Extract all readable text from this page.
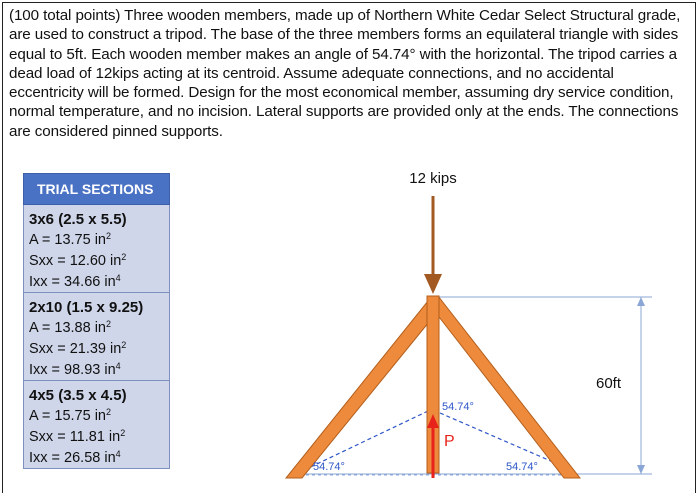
(100 total points) Three wooden members, made up of Northern White Cedar Select Structural grade, are used to construct a tripod. The base of the three members forms an equilateral triangle with sides equal to 5ft. Each wooden member makes an angle of 54.74° with the horizontal. The tripod carries a dead load of 12kips acting at its centroid. Assume adequate connections, and no accidental eccentricity will be formed. Design for the most economical member, assuming dry service condition, normal temperature, and no incision. Lateral supports are provided only at the ends. The connections are considered pinned supports.

TRIAL SECTIONS
3x6 (2.5 x 5.5)
A = 13.75 $in^2$
Sxx = 12.60 $in^2$
Ixx = 34.66 $in^4$
2x10 (1.5 x 9.25)
A = 13.88 $in^2$
Sxx = 21.39 $in^2$
Ixx = 98.93 $in^4$
4x5 (3.5 x 4.5)
A = 15.75 $in^2$
Sxx = 11.81 $in^2$
Ixx = 26.58 $in^4$
12 kips
P
54.74°
54.74°	54.74°
60ft
